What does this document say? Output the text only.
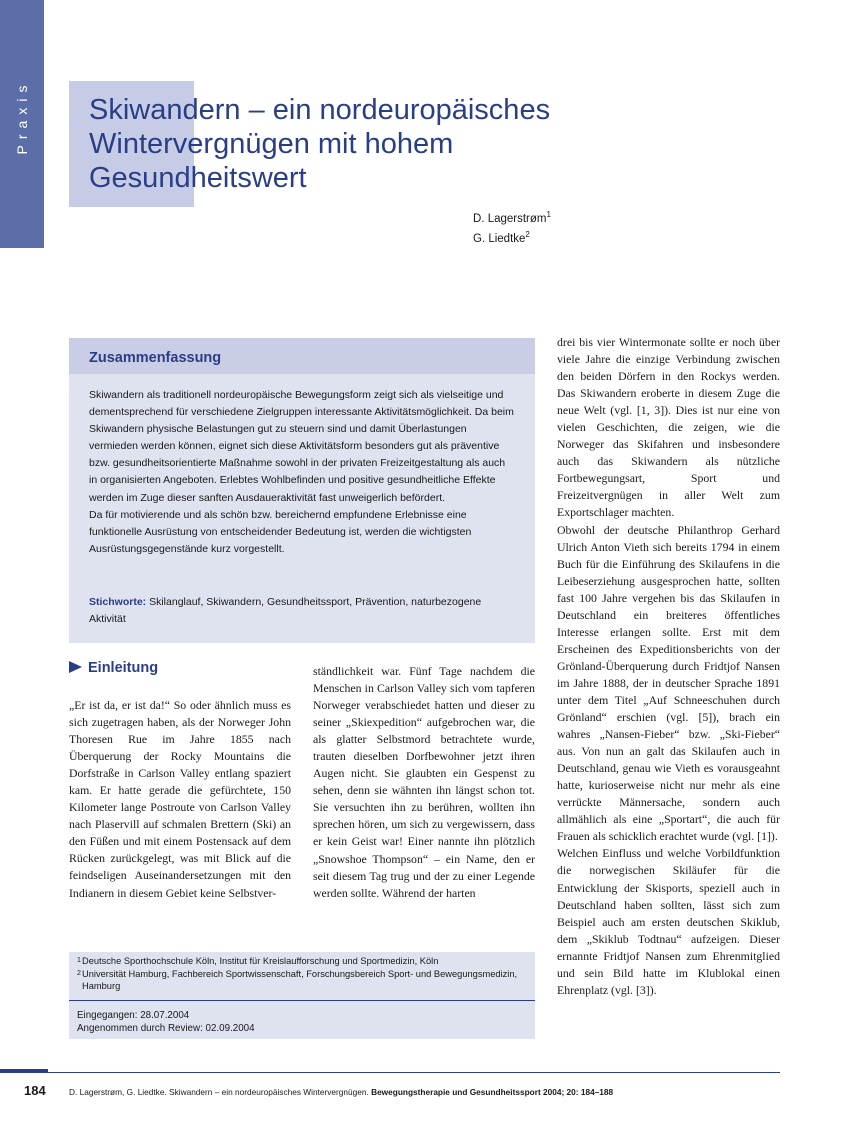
Praxis Skiwandern – ein nordeuropäisches Wintervergnügen mit hohem Gesundheitswert
D. Lagerstrøm$^1$
G. Liedtke$^2$
Zusammenfassung

Skiwandern als traditionell nordeuropäische Bewegungsform zeigt sich als vielseitige und dementsprechend für verschiedene Zielgruppen interessante Aktivitätsmöglichkeit. Da beim Skiwandern physische Belastungen gut zu steuern sind und damit Überlastungen vermieden werden können, eignet sich diese Aktivitätsform besonders gut als präventive bzw. gesundheitsorientierte Maßnahme sowohl in der privaten Freizeitgestaltung als auch in organisierten Angeboten. Erlebtes Wohlbefinden und positive gesundheitliche Effekte werden im Zuge dieser sanften Ausdaueraktivität fast unweigerlich befördert.

Da für motivierende und als schön bzw. bereichernd empfundene Erlebnisse eine funktionelle Ausrüstung von entscheidender Bedeutung ist, werden die wichtigsten Ausrüstungsgegenstände kurz vorgestellt.

Stichworte: Skilanglauf, Skiwandern, Gesundheitssport, Prävention, naturbezogene Aktivität
Einleitung

„Er ist da, er ist da!“ So oder ähnlich muss es sich zugetragen haben, als der Norweger John Thoresen Rue im Jahre 1855 nach Überquerung der Rocky Mountains die Dorfstraße in Carlson Valley entlang spaziert kam. Er hatte gerade die gefürchtete, 150 Kilometer lange Postroute von Carlson Valley nach Plaservill auf schmalen Brettern (Ski) an den Füßen und mit einem Postensack auf dem Rücken zurückgelegt, was mit Blick auf die feindseligen Auseinandersetzungen mit den Indianern in diesem Gebiet keine Selbstver-

ständlichkeit war. Fünf Tage nachdem die Menschen in Carlson Valley sich vom tapferen Norweger verabschiedet hatten und dieser zu seiner „Skiexpedition“ aufgebrochen war, die als glatter Selbstmord betrachtete wurde, trauten dieselben Dorfbewohner jetzt ihren Augen nicht. Sie glaubten ein Gespenst zu sehen, denn sie wähnten ihn längst schon tot. Sie versuchten ihn zu berühren, wollten ihn sprechen hören, um sich zu vergewissern, dass er kein Geist war! Einer nannte ihn plötzlich „Snowshoe Thompson“ – ein Name, den er seit diesem Tag trug und der zu einer Legende werden sollte. Während der harten

drei bis vier Wintermonate sollte er noch über viele Jahre die einzige Verbindung zwischen den beiden Dörfern in den Rockys werden. Das Skiwandern eroberte in diesem Zuge die neue Welt (vgl. [1, 3]). Dies ist nur eine von vielen Geschichten, die zeigen, wie die Norweger das Skifahren und insbesondere auch das Skiwandern als nützliche Fortbewegungsart, Sport und Freizeitvergnügen in aller Welt zum Exportschlager machten.

Obwohl der deutsche Philanthrop Gerhard Ulrich Anton Vieth sich bereits 1794 in einem Buch für die Einführung des Skilaufens in die Leibeserziehung ausgesprochen hatte, sollten fast 100 Jahre vergehen bis das Skilaufen in Deutschland ein breiteres öffentliches Interesse erlangen sollte. Erst mit dem Erscheinen des Expeditionsberichts von der Grönland-Überquerung durch Fridtjof Nansen im Jahre 1888, der in deutscher Sprache 1891 unter dem Titel „Auf Schneeschuhen durch Grönland“ erschien (vgl. [5]), brach ein wahres „Nansen-Fieber“ bzw. „Ski-Fieber“ aus. Von nun an galt das Skilaufen auch in Deutschland, genau wie Vieth es vorausgeahnt hatte, kurioserweise nicht nur mehr als eine verrückte Männersache, sondern auch allmählich als eine „Sportart“, die auch für Frauen als schicklich erachtet wurde (vgl. [1]).

Welchen Einfluss und welche Vorbildfunktion die norwegischen Skiläufer für die Entwicklung der Skisports, speziell auch in Deutschland haben sollten, lässt sich zum Beispiel auch am ersten deutschen Skiklub, dem „Skiklub Todtnau“ aufzeigen. Dieser ernannte Fridtjof Nansen zum Ehrenmitglied und sein Bild hatte im Klublokal einen Ehrenplatz (vgl. [3]).

1 Deutsche Sporthochschule Köln, Institut für Kreislaufforschung und Sportmedizin, Köln
2 Universität Hamburg, Fachbereich Sportwissenschaft, Forschungsbereich Sport- und Bewegungsmedizin, Hamburg
Eingegangen: 28.07.2004
Angenommen durch Review: 02.09.2004
184	D. Lagerstrøm, G. Liedtke. Skiwandern – ein nordeuropäisches Wintervergnügen. Bewegungstherapie und Gesundheitssport 2004; 20: 184–188
